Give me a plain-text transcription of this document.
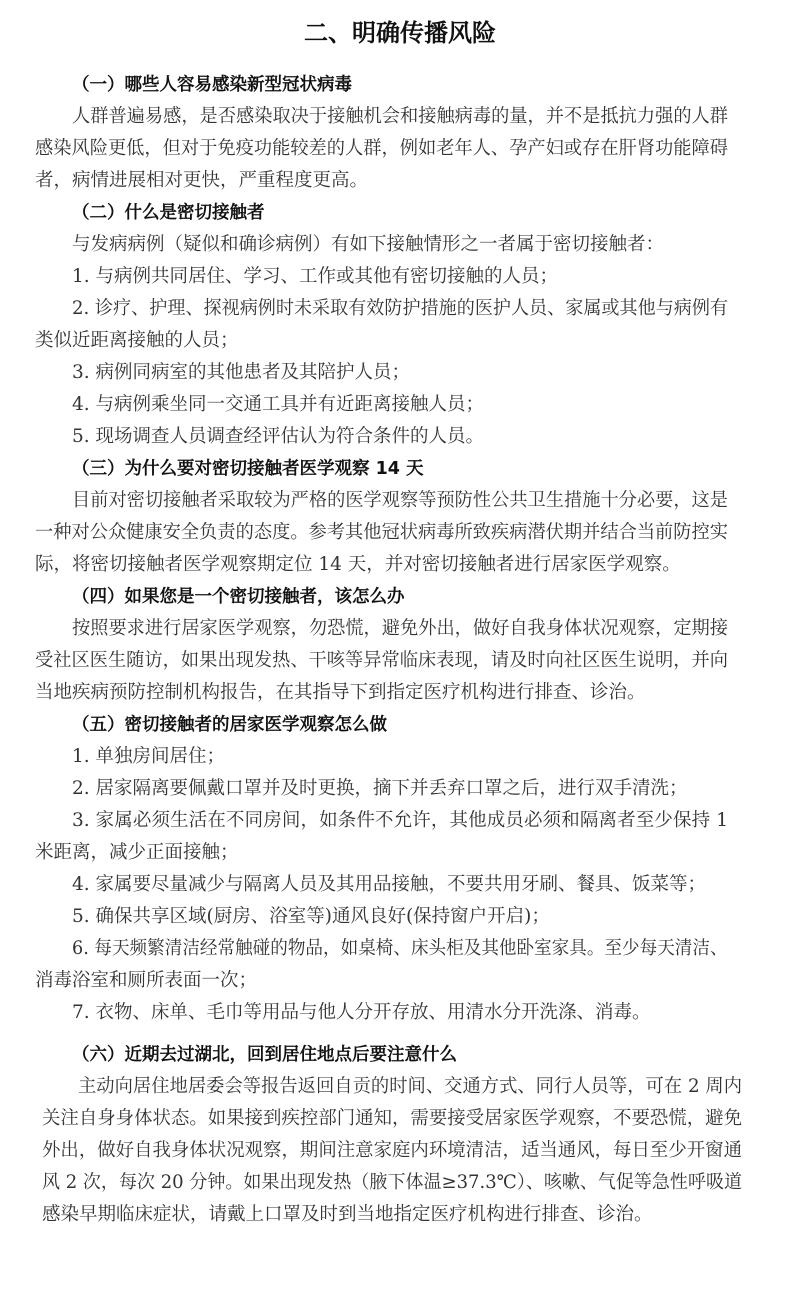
二、明确传播风险
（一）哪些人容易感染新型冠状病毒
人群普遍易感，是否感染取决于接触机会和接触病毒的量，并不是抵抗力强的人群
感染风险更低，但对于免疫功能较差的人群，例如老年人、孕产妇或存在肝肾功能障碍
者，病情进展相对更快，严重程度更高。
（二）什么是密切接触者
与发病病例（疑似和确诊病例）有如下接触情形之一者属于密切接触者：
1. 与病例共同居住、学习、工作或其他有密切接触的人员；
2. 诊疗、护理、探视病例时未采取有效防护措施的医护人员、家属或其他与病例有
类似近距离接触的人员；
3. 病例同病室的其他患者及其陪护人员；
4. 与病例乘坐同一交通工具并有近距离接触人员；
5. 现场调查人员调查经评估认为符合条件的人员。
（三）为什么要对密切接触者医学观察 14 天
目前对密切接触者采取较为严格的医学观察等预防性公共卫生措施十分必要，这是
一种对公众健康安全负责的态度。参考其他冠状病毒所致疾病潜伏期并结合当前防控实
际，将密切接触者医学观察期定位 14 天，并对密切接触者进行居家医学观察。
（四）如果您是一个密切接触者，该怎么办
按照要求进行居家医学观察，勿恐慌，避免外出，做好自我身体状况观察，定期接
受社区医生随访，如果出现发热、干咳等异常临床表现，请及时向社区医生说明，并向
当地疾病预防控制机构报告，在其指导下到指定医疗机构进行排查、诊治。
（五）密切接触者的居家医学观察怎么做
1. 单独房间居住；
2. 居家隔离要佩戴口罩并及时更换，摘下并丢弃口罩之后，进行双手清洗；
3. 家属必须生活在不同房间，如条件不允许，其他成员必须和隔离者至少保持 1
米距离，减少正面接触；
4. 家属要尽量减少与隔离人员及其用品接触，不要共用牙刷、餐具、饭菜等；
5. 确保共享区域(厨房、浴室等)通风良好(保持窗户开启)；
6. 每天频繁清洁经常触碰的物品，如桌椅、床头柜及其他卧室家具。至少每天清洁、
消毒浴室和厕所表面一次；
7. 衣物、床单、毛巾等用品与他人分开存放、用清水分开洗涤、消毒。
（六）近期去过湖北，回到居住地点后要注意什么
主动向居住地居委会等报告返回自贡的时间、交通方式、同行人员等，可在 2 周内
关注自身身体状态。如果接到疾控部门通知，需要接受居家医学观察，不要恐慌，避免
外出，做好自我身体状况观察，期间注意家庭内环境清洁，适当通风，每日至少开窗通
风 2 次，每次 20 分钟。如果出现发热（腋下体温≥37.3℃）、咳嗽、气促等急性呼吸道
感染早期临床症状，请戴上口罩及时到当地指定医疗机构进行排查、诊治。
